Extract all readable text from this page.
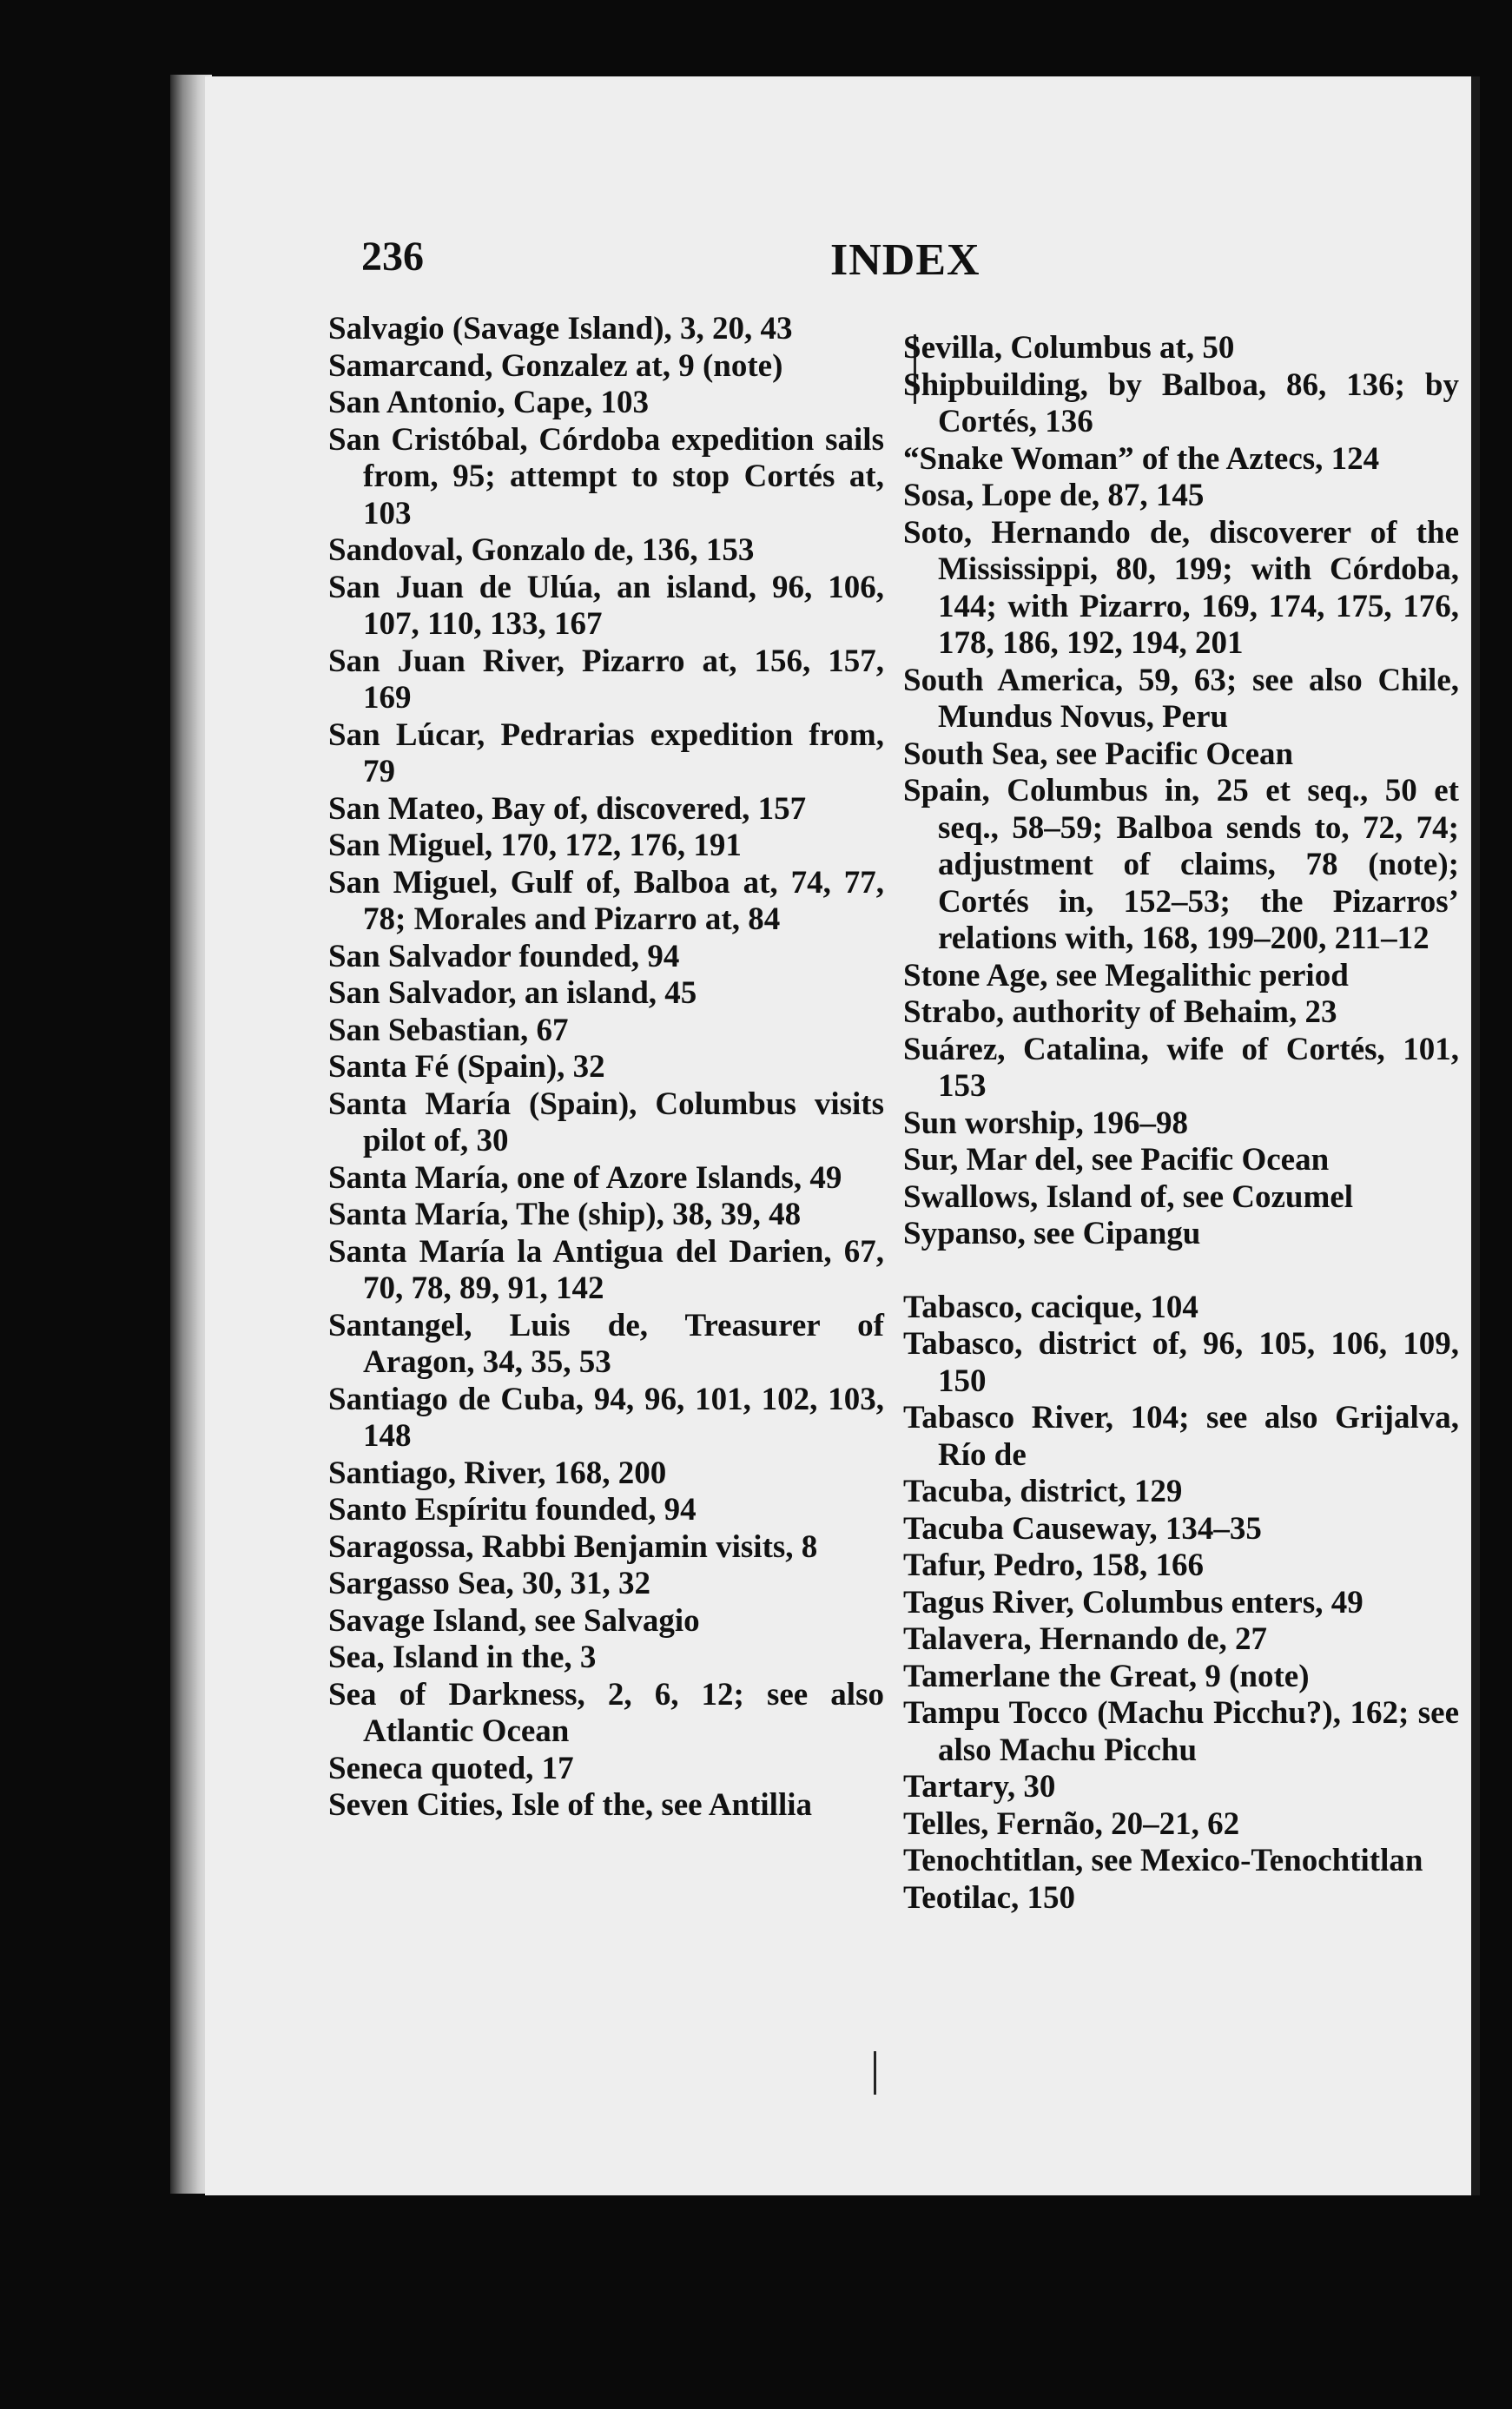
236	INDEX

Salvagio (Savage Island), 3, 20, 43

Samarcand, Gonzalez at, 9 (note)

San Antonio, Cape, 103

San Cristóbal, Córdoba expedition sails from, 95; attempt to stop Cortés at, 103

Sandoval, Gonzalo de, 136, 153

San Juan de Ulúa, an island, 96, 106, 107, 110, 133, 167

San Juan River, Pizarro at, 156, 157, 169

San Lúcar, Pedrarias expedition from, 79

San Mateo, Bay of, discovered, 157

San Miguel, 170, 172, 176, 191

San Miguel, Gulf of, Balboa at, 74, 77, 78; Morales and Pizarro at, 84

San Salvador founded, 94

San Salvador, an island, 45

San Sebastian, 67

Santa Fé (Spain), 32

Santa María (Spain), Columbus visits pilot of, 30

Santa María, one of Azore Islands, 49

Santa María, The (ship), 38, 39, 48

Santa María la Antigua del Darien, 67, 70, 78, 89, 91, 142

Santangel, Luis de, Treasurer of Aragon, 34, 35, 53

Santiago de Cuba, 94, 96, 101, 102, 103, 148

Santiago, River, 168, 200

Santo Espíritu founded, 94

Saragossa, Rabbi Benjamin visits, 8

Sargasso Sea, 30, 31, 32

Savage Island, see Salvagio

Sea, Island in the, 3

Sea of Darkness, 2, 6, 12; see also Atlantic Ocean

Seneca quoted, 17

Seven Cities, Isle of the, see Antillia

Sevilla, Columbus at, 50

Shipbuilding, by Balboa, 86, 136; by Cortés, 136

“Snake Woman” of the Aztecs, 124

Sosa, Lope de, 87, 145

Soto, Hernando de, discoverer of the Mississippi, 80, 199; with Córdoba, 144; with Pizarro, 169, 174, 175, 176, 178, 186, 192, 194, 201

South America, 59, 63; see also Chile, Mundus Novus, Peru

South Sea, see Pacific Ocean

Spain, Columbus in, 25 et seq., 50 et seq., 58–59; Balboa sends to, 72, 74; adjustment of claims, 78 (note); Cortés in, 152–53; the Pizarros’ relations with, 168, 199–200, 211–12

Stone Age, see Megalithic period

Strabo, authority of Behaim, 23

Suárez, Catalina, wife of Cortés, 101, 153

Sun worship, 196–98

Sur, Mar del, see Pacific Ocean

Swallows, Island of, see Cozumel

Sypanso, see Cipangu

Tabasco, cacique, 104

Tabasco, district of, 96, 105, 106, 109, 150

Tabasco River, 104; see also Grijalva, Río de

Tacuba, district, 129

Tacuba Causeway, 134–35

Tafur, Pedro, 158, 166

Tagus River, Columbus enters, 49

Talavera, Hernando de, 27

Tamerlane the Great, 9 (note)

Tampu Tocco (Machu Picchu?), 162; see also Machu Picchu

Tartary, 30

Telles, Fernão, 20–21, 62

Tenochtitlan, see Mexico-Tenochtitlan

Teotilac, 150
